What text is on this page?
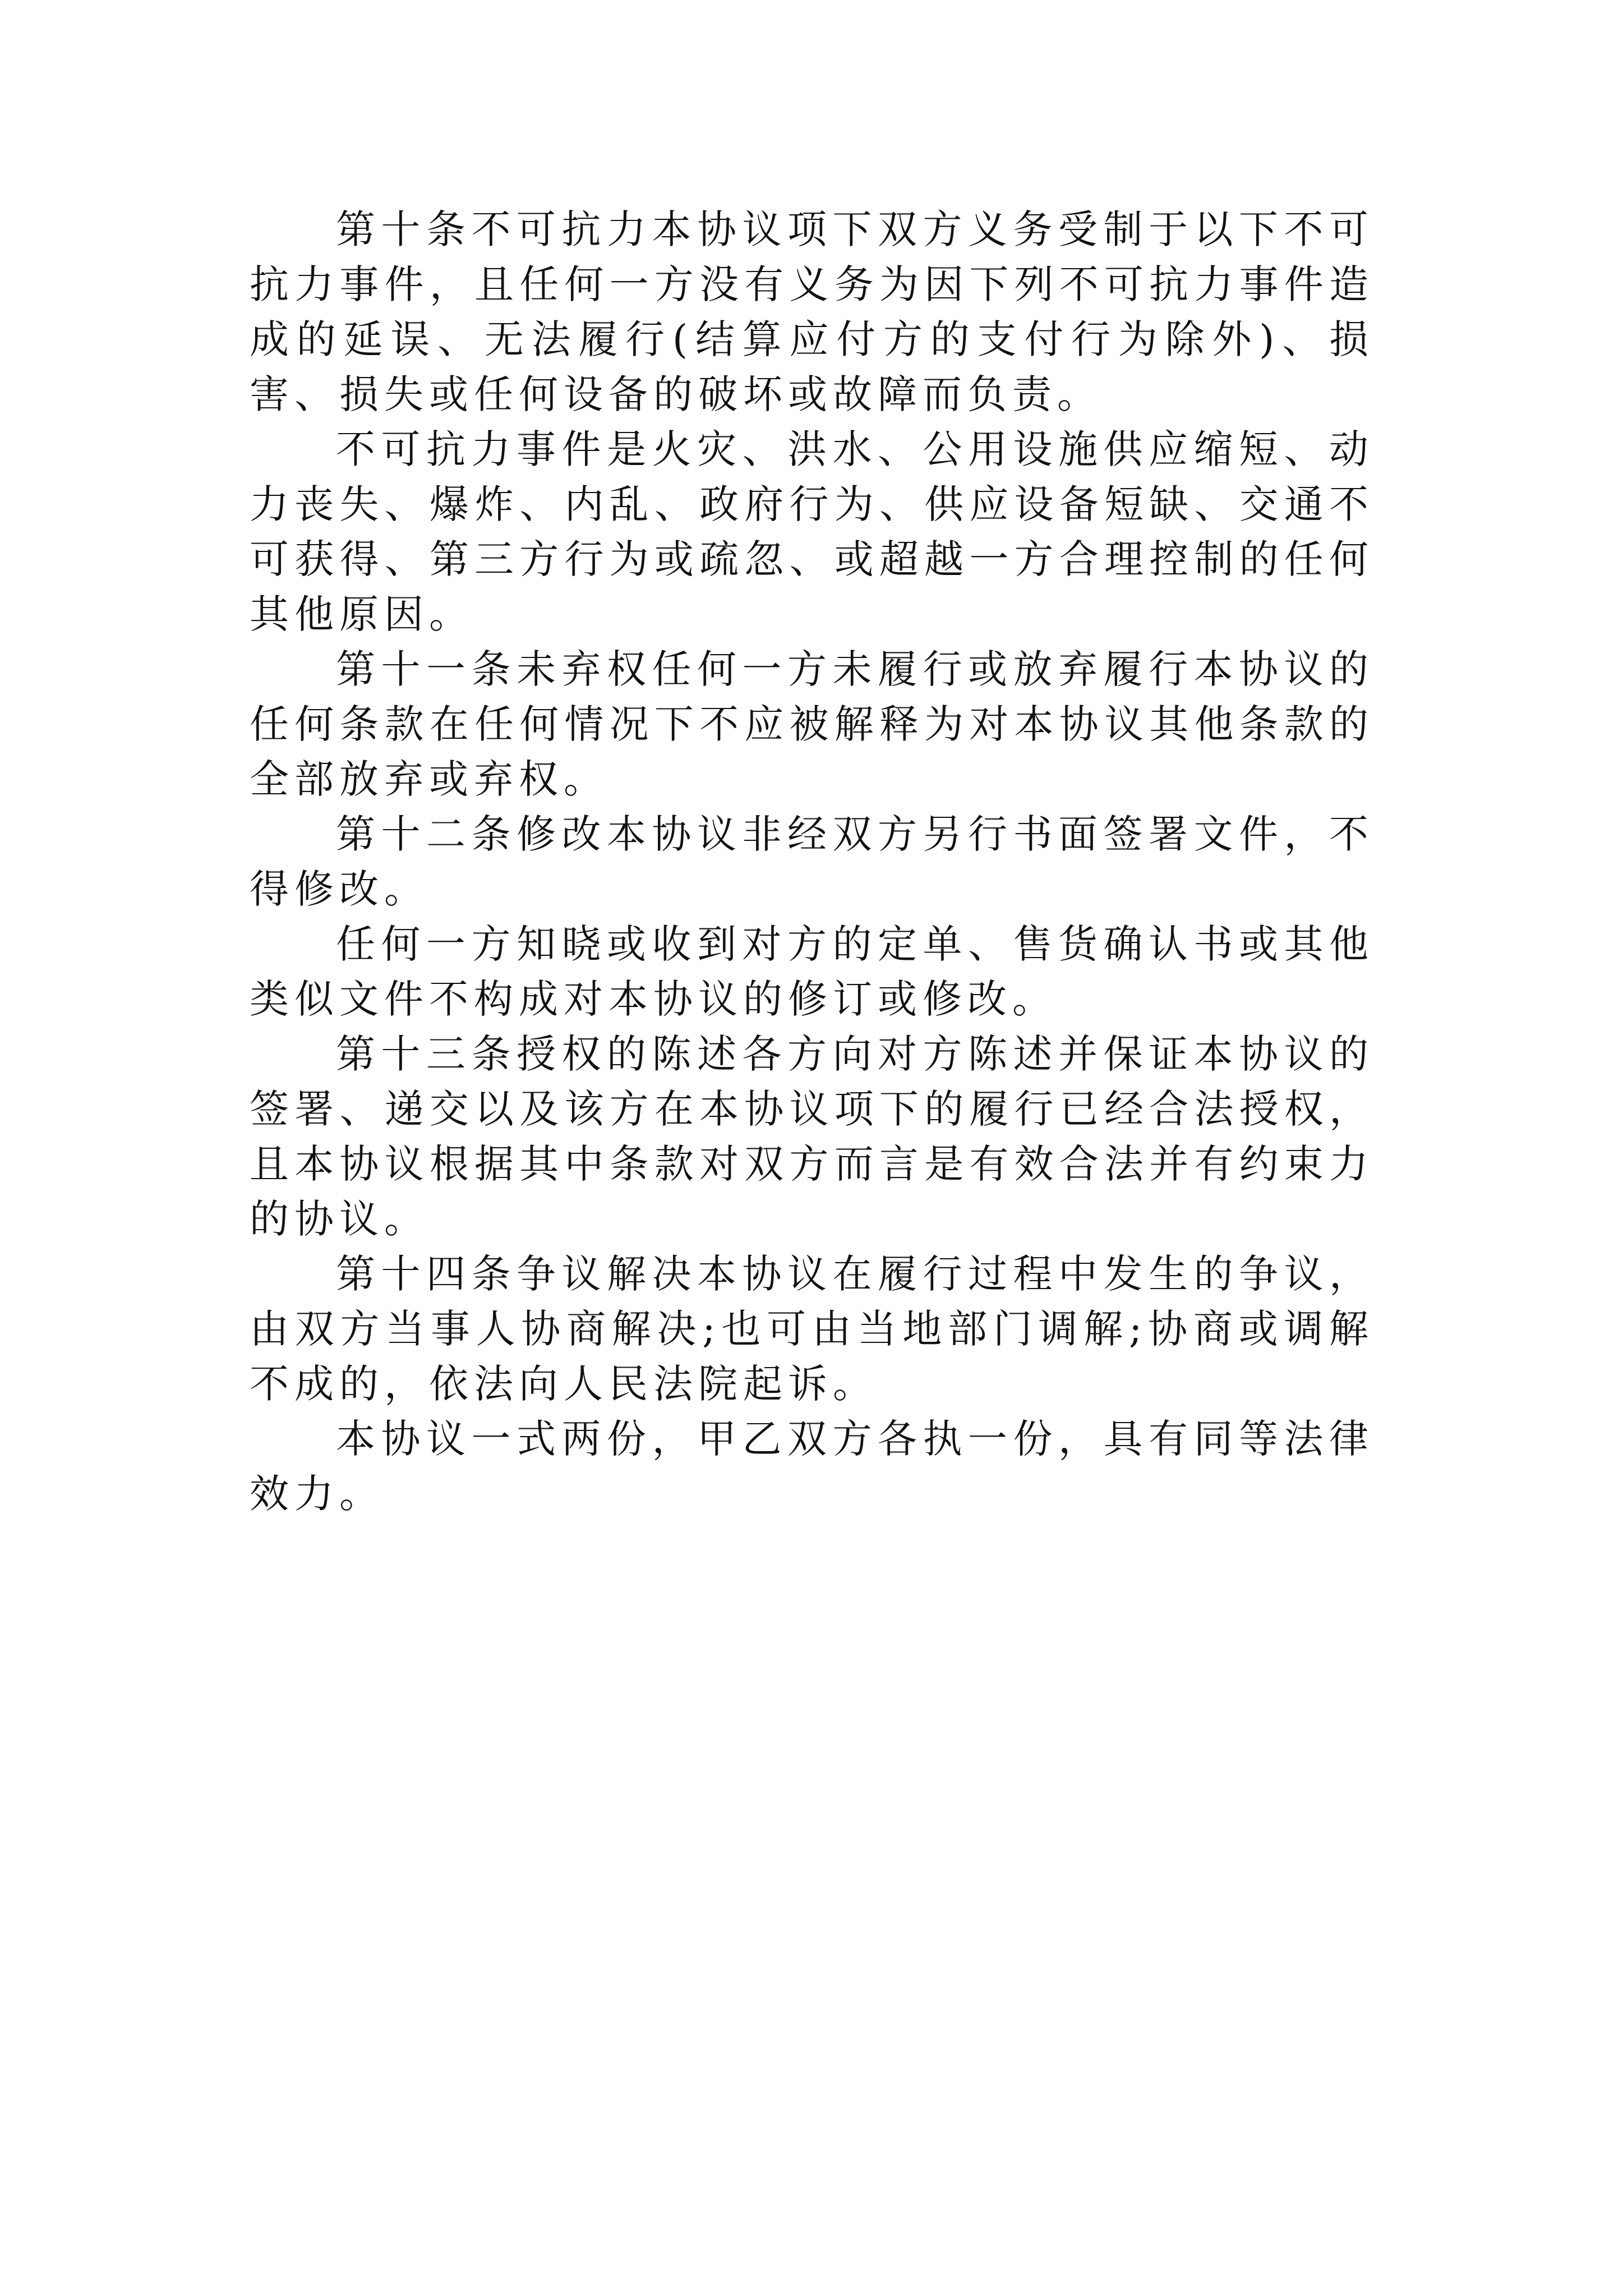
第十条不可抗力本协议项下双方义务受制于以下不可抗力事件，且任何一方没有义务为因下列不可抗力事件造成的延误、无法履行(结算应付方的支付行为除外)、损害、损失或任何设备的破坏或故障而负责。

不可抗力事件是火灾、洪水、公用设施供应缩短、动力丧失、爆炸、内乱、政府行为、供应设备短缺、交通不可获得、第三方行为或疏忽、或超越一方合理控制的任何其他原因。

第十一条未弃权任何一方未履行或放弃履行本协议的任何条款在任何情况下不应被解释为对本协议其他条款的全部放弃或弃权。

第十二条修改本协议非经双方另行书面签署文件，不得修改。

任何一方知晓或收到对方的定单、售货确认书或其他类似文件不构成对本协议的修订或修改。

第十三条授权的陈述各方向对方陈述并保证本协议的签署、递交以及该方在本协议项下的履行已经合法授权，且本协议根据其中条款对双方而言是有效合法并有约束力的协议。

第十四条争议解决本协议在履行过程中发生的争议，由双方当事人协商解决;也可由当地部门调解;协商或调解不成的，依法向人民法院起诉。

本协议一式两份，甲乙双方各执一份，具有同等法律效力。
